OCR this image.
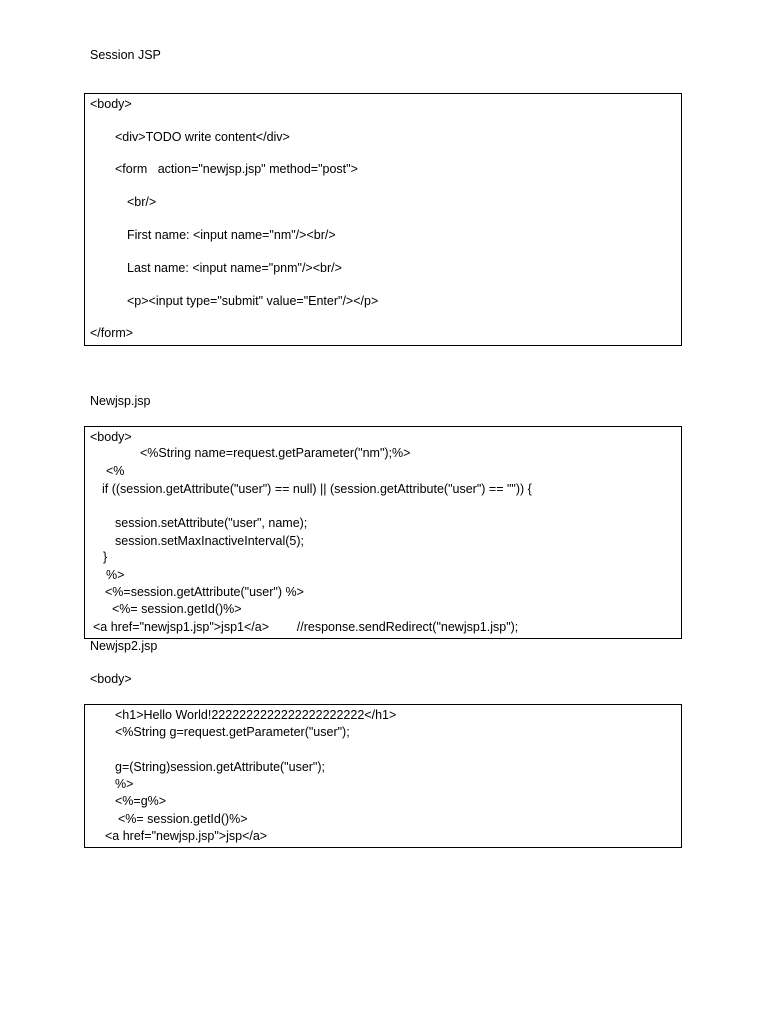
Session JSP
<body>
<div>TODO write content</div>
<form   action="newjsp.jsp" method="post">
<br/>
First name: <input name="nm"/><br/>
Last name: <input name="pnm"/><br/>
<p><input type="submit" value="Enter"/></p>
</form>
Newjsp.jsp
<body>
<%String name=request.getParameter("nm");%>
<%
if ((session.getAttribute("user") == null) || (session.getAttribute("user") == "")) {
session.setAttribute("user", name);
session.setMaxInactiveInterval(5);
}
%>
<%=session.getAttribute("user") %>
<%= session.getId()%>
<a href="newjsp1.jsp">jsp1</a>        //response.sendRedirect("newjsp1.jsp");
Newjsp2.jsp
<body>
<h1>Hello World!2222222222222222222222</h1>
<%String g=request.getParameter("user");
g=(String)session.getAttribute("user");
%>
<%=g%>
<%= session.getId()%>
<a href="newjsp.jsp">jsp</a>
